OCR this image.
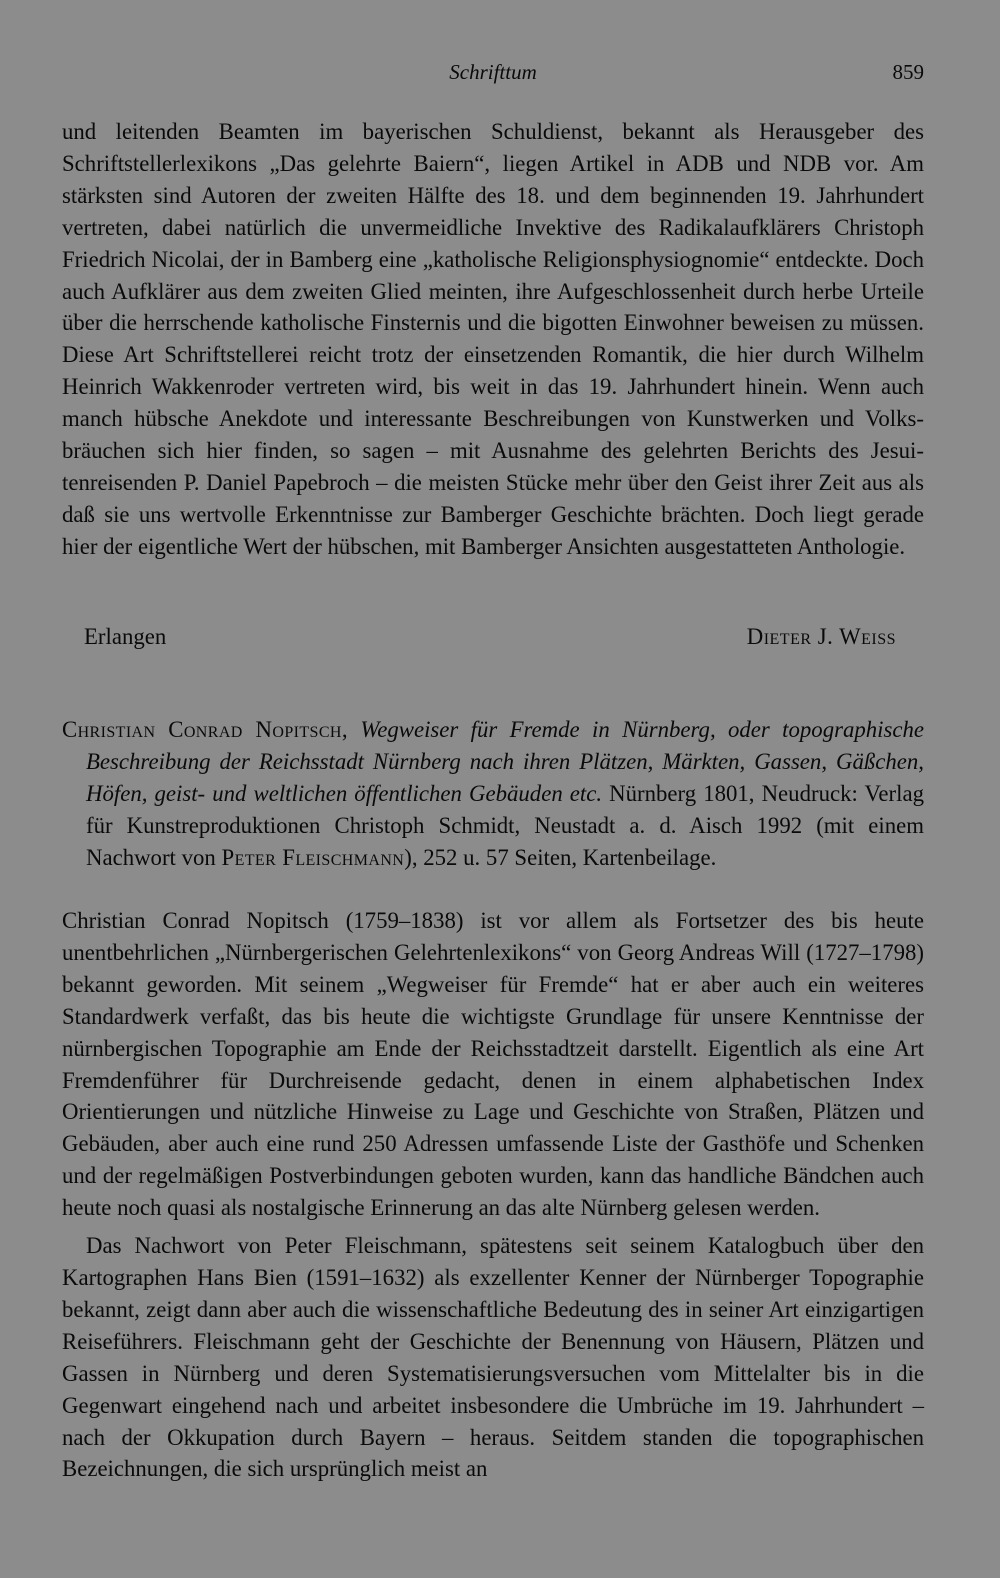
Schrifttum	859

und leitenden Beamten im bayerischen Schuldienst, bekannt als Herausgeber des Schriftstellerlexikons „Das gelehrte Baiern“, liegen Artikel in ADB und NDB vor. Am stärksten sind Autoren der zweiten Hälfte des 18. und dem beginnenden 19. Jahrhundert vertreten, dabei natürlich die unvermeidliche Invektive des Radikalaufklärers Christoph Friedrich Nicolai, der in Bamberg eine „katholische Religionsphysiognomie“ entdeckte. Doch auch Aufklärer aus dem zweiten Glied meinten, ihre Aufgeschlossenheit durch herbe Urteile über die herrschende katholische Finsternis und die bigotten Einwohner beweisen zu müssen. Diese Art Schriftstellerei reicht trotz der einsetzenden Romantik, die hier durch Wilhelm Heinrich Wakkenroder vertreten wird, bis weit in das 19. Jahrhundert hinein. Wenn auch manch hübsche Anekdote und interessante Beschreibungen von Kunstwerken und Volksbräuchen sich hier finden, so sagen – mit Ausnahme des gelehrten Berichts des Jesuitenreisenden P. Daniel Papebroch – die meisten Stücke mehr über den Geist ihrer Zeit aus als daß sie uns wertvolle Erkenntnisse zur Bamberger Geschichte brächten. Doch liegt gerade hier der eigentliche Wert der hübschen, mit Bamberger Ansichten ausgestatteten Anthologie.

Erlangen	Dieter J. Weiss
Christian Conrad Nopitsch, Wegweiser für Fremde in Nürnberg, oder topographische Beschreibung der Reichsstadt Nürnberg nach ihren Plätzen, Märkten, Gassen, Gäßchen, Höfen, geist- und weltlichen öffentlichen Gebäuden etc. Nürnberg 1801, Neudruck: Verlag für Kunstreproduktionen Christoph Schmidt, Neustadt a. d. Aisch 1992 (mit einem Nachwort von Peter Fleischmann), 252 u. 57 Seiten, Kartenbeilage.

Christian Conrad Nopitsch (1759–1838) ist vor allem als Fortsetzer des bis heute unentbehrlichen „Nürnbergerischen Gelehrtenlexikons“ von Georg Andreas Will (1727–1798) bekannt geworden. Mit seinem „Wegweiser für Fremde“ hat er aber auch ein weiteres Standardwerk verfaßt, das bis heute die wichtigste Grundlage für unsere Kenntnisse der nürnbergischen Topographie am Ende der Reichsstadtzeit darstellt. Eigentlich als eine Art Fremdenführer für Durchreisende gedacht, denen in einem alphabetischen Index Orientierungen und nützliche Hinweise zu Lage und Geschichte von Straßen, Plätzen und Gebäuden, aber auch eine rund 250 Adressen umfassende Liste der Gasthöfe und Schenken und der regelmäßigen Postverbindungen geboten wurden, kann das handliche Bändchen auch heute noch quasi als nostalgische Erinnerung an das alte Nürnberg gelesen werden.

Das Nachwort von Peter Fleischmann, spätestens seit seinem Katalogbuch über den Kartographen Hans Bien (1591–1632) als exzellenter Kenner der Nürnberger Topographie bekannt, zeigt dann aber auch die wissenschaftliche Bedeutung des in seiner Art einzigartigen Reiseführers. Fleischmann geht der Geschichte der Benennung von Häusern, Plätzen und Gassen in Nürnberg und deren Systematisierungsversuchen vom Mittelalter bis in die Gegenwart eingehend nach und arbeitet insbesondere die Umbrüche im 19. Jahrhundert – nach der Okkupation durch Bayern – heraus. Seitdem standen die topographischen Bezeichnungen, die sich ursprünglich meist an
